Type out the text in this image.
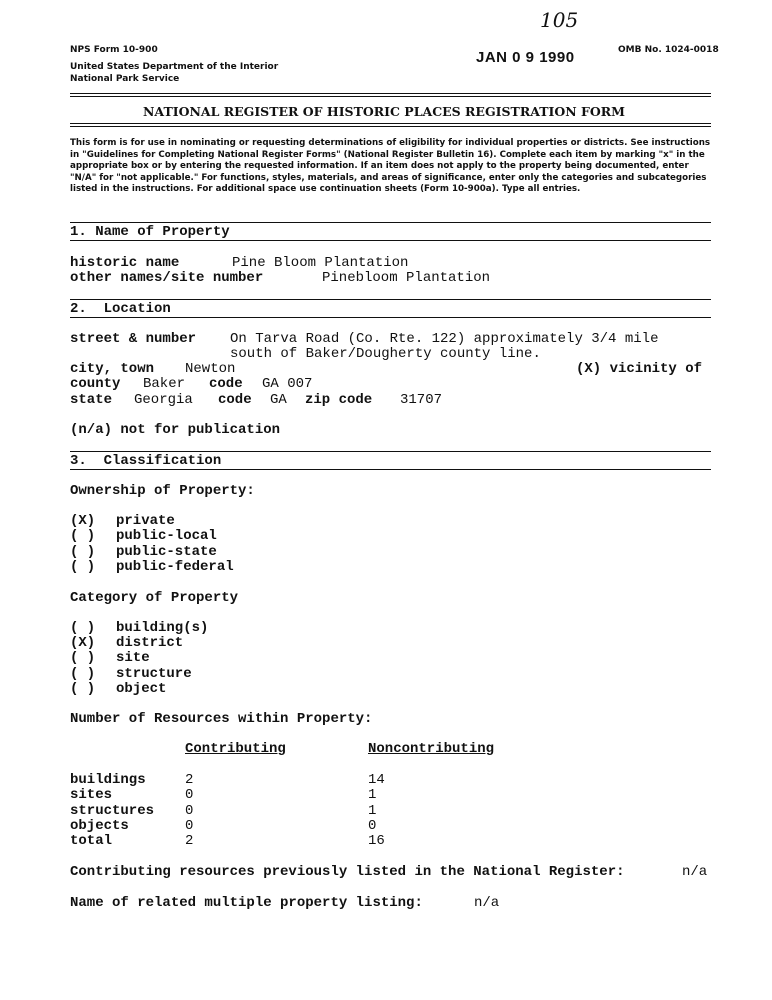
105
NPS Form 10-900	JAN 0 9 1990	OMB No. 1024-0018
United States Department of the Interior
National Park Service
NATIONAL REGISTER OF HISTORIC PLACES REGISTRATION FORM
This form is for use in nominating or requesting determinations of eligibility for individual properties or districts. See instructions in "Guidelines for Completing National Register Forms" (National Register Bulletin 16). Complete each item by marking "x" in the appropriate box or by entering the requested information. If an item does not apply to the property being documented, enter "N/A" for "not applicable." For functions, styles, materials, and areas of significance, enter only the categories and subcategories listed in the instructions. For additional space use continuation sheets (Form 10-900a). Type all entries.
1. Name of Property
historic name	Pine Bloom Plantation
other names/site number	Pinebloom Plantation
2.  Location
street & number On Tarva Road (Co. Rte. 122) approximately 3/4 mile
south of Baker/Dougherty county line.
city, town Newton	(X) vicinity of
county Baker code GA 007
state Georgia code GA zip code 31707
(n/a) not for publication
3.  Classification
Ownership of Property:
(X) private
( ) public-local
( ) public-state
( ) public-federal
Category of Property
( ) building(s)
(X) district
( ) site
( ) structure
( ) object
Number of Resources within Property:
Contributing	Noncontributing
buildings	2	14
sites	0	1
structures 0	1
objects	0	0
total	2	16
Contributing resources previously listed in the National Register:	n/a
Name of related multiple property listing:	n/a
